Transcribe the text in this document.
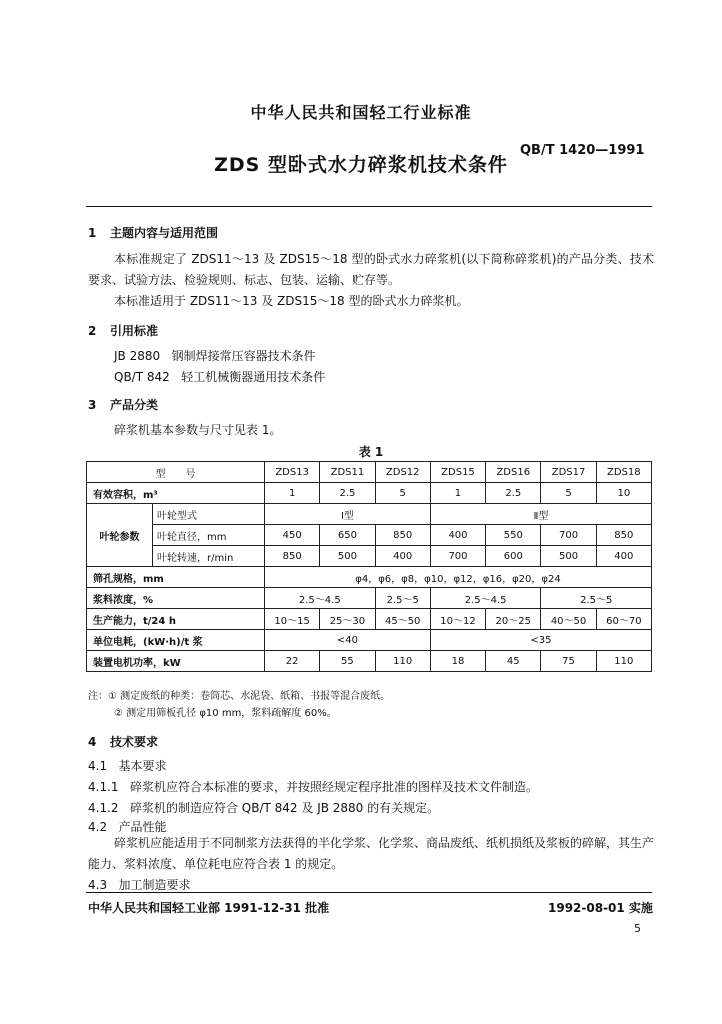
中华人民共和国轻工行业标准
QB/T 1420—1991
ZDS 型卧式水力碎浆机技术条件
1 主题内容与适用范围
本标准规定了 ZDS11～13 及 ZDS15～18 型的卧式水力碎浆机(以下简称碎浆机)的产品分类、技术要求、试验方法、检验规则、标志、包装、运输、贮存等。
本标准适用于 ZDS11～13 及 ZDS15～18 型的卧式水力碎浆机。
2 引用标准
JB 2880   钢制焊接常压容器技术条件
QB/T 842   轻工机械衡器通用技术条件
3 产品分类
碎浆机基本参数与尺寸见表 1。
表 1
型　　号		ZDS13	ZDS11	ZDS12	ZDS15	ZDS16	ZDS17	ZDS18
有效容积，m³		1	2.5	5	1	2.5	5	10
叶轮参数	叶轮型式	Ⅰ型			Ⅱ型			
	叶轮直径，mm	450	650	850	400	550	700	850
	叶轮转速，r/min	850	500	400	700	600	500	400
筛孔规格，mm		φ4，φ6，φ8，φ10，φ12，φ16，φ20，φ24						
浆料浓度，%		2.5～4.5		2.5～5	2.5～4.5		2.5～5	
生产能力，t/24 h		10～15	25～30	45～50	10～12	20～25	40～50	60～70
单位电耗，(kW·h)/t 浆		<40			<35			
装置电机功率，kW		22	55	110	18	45	75	110
注：① 测定废纸的种类：卷筒芯、水泥袋、纸箱、书报等混合废纸。
② 测定用筛板孔径 φ10 mm，浆料疏解度 60%。
4 技术要求
4.1   基本要求
4.1.1   碎浆机应符合本标准的要求，并按照经规定程序批准的图样及技术文件制造。
4.1.2   碎浆机的制造应符合 QB/T 842 及 JB 2880 的有关规定。
4.2   产品性能
碎浆机应能适用于不同制浆方法获得的半化学浆、化学浆、商品废纸、纸机损纸及浆板的碎解，其生产能力、浆料浓度、单位耗电应符合表 1 的规定。
4.3   加工制造要求
中华人民共和国轻工业部 1991-12-31 批准	1992-08-01 实施
5
